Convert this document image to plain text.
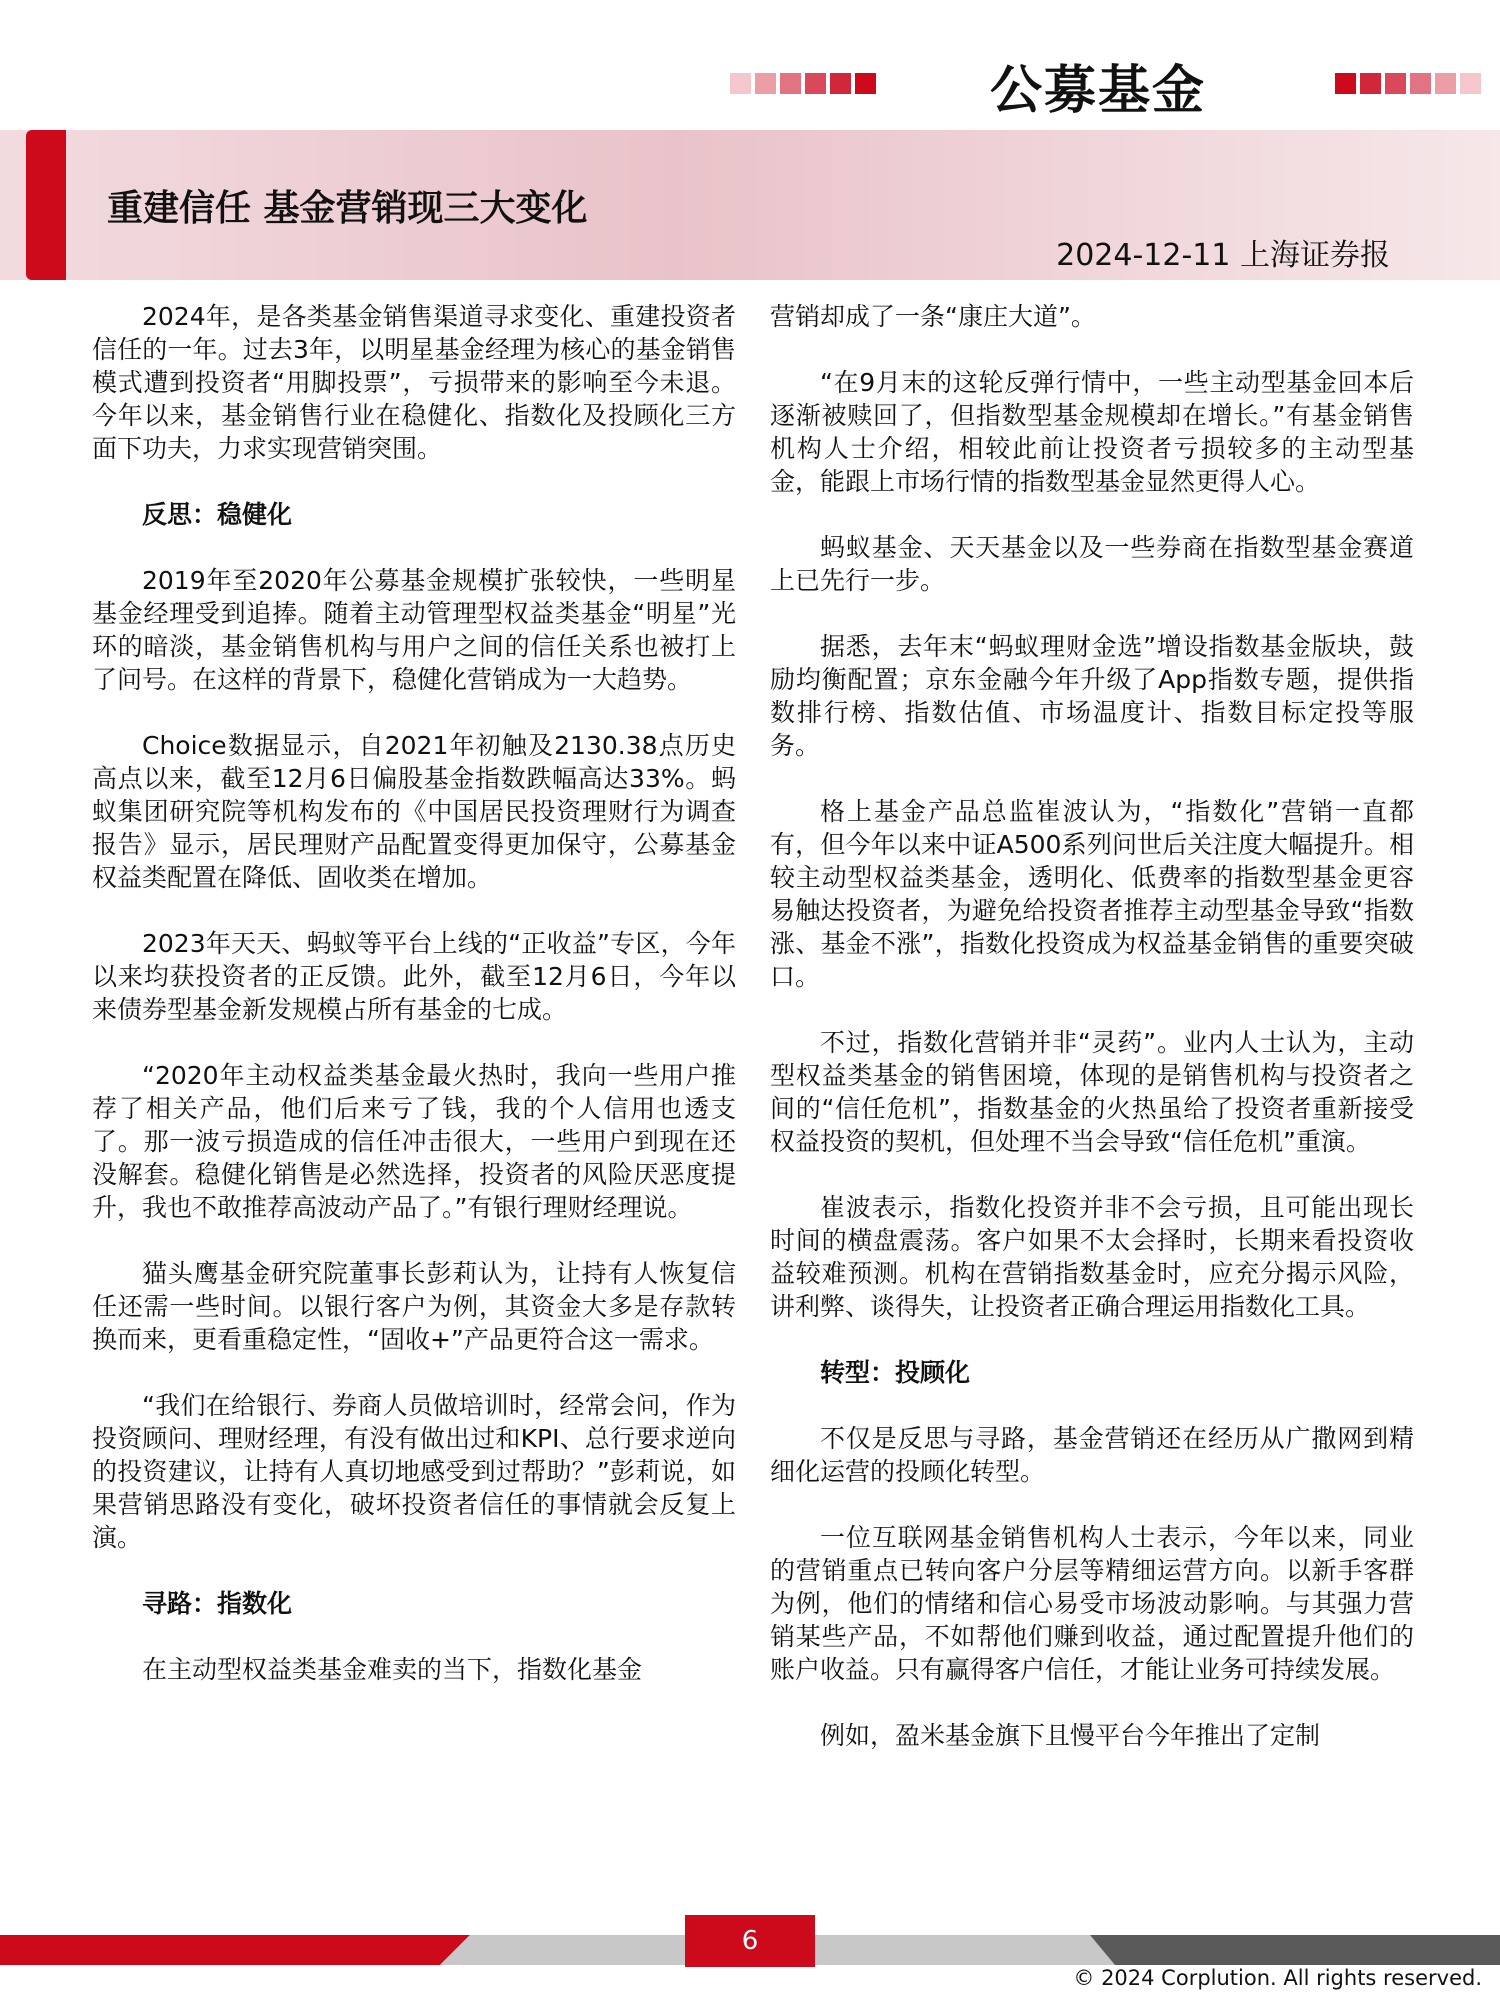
公募基金
重建信任 基金营销现三大变化
2024-12-11 上海证券报

2024年，是各类基金销售渠道寻求变化、重建投资者信任的一年。过去3年，以明星基金经理为核心的基金销售模式遭到投资者“用脚投票”，亏损带来的影响至今未退。今年以来，基金销售行业在稳健化、指数化及投顾化三方面下功夫，力求实现营销突围。

反思：稳健化

2019年至2020年公募基金规模扩张较快，一些明星基金经理受到追捧。随着主动管理型权益类基金“明星”光环的暗淡，基金销售机构与用户之间的信任关系也被打上了问号。在这样的背景下，稳健化营销成为一大趋势。

Choice数据显示，自2021年初触及2130.38点历史高点以来，截至12月6日偏股基金指数跌幅高达33%。蚂蚁集团研究院等机构发布的《中国居民投资理财行为调查报告》显示，居民理财产品配置变得更加保守，公募基金权益类配置在降低、固收类在增加。

2023年天天、蚂蚁等平台上线的“正收益”专区，今年以来均获投资者的正反馈。此外，截至12月6日，今年以来债券型基金新发规模占所有基金的七成。

“2020年主动权益类基金最火热时，我向一些用户推荐了相关产品，他们后来亏了钱，我的个人信用也透支了。那一波亏损造成的信任冲击很大，一些用户到现在还没解套。稳健化销售是必然选择，投资者的风险厌恶度提升，我也不敢推荐高波动产品了。”有银行理财经理说。

猫头鹰基金研究院董事长彭莉认为，让持有人恢复信任还需一些时间。以银行客户为例，其资金大多是存款转换而来，更看重稳定性，“固收+”产品更符合这一需求。

“我们在给银行、券商人员做培训时，经常会问，作为投资顾问、理财经理，有没有做出过和KPI、总行要求逆向的投资建议，让持有人真切地感受到过帮助？”彭莉说，如果营销思路没有变化，破坏投资者信任的事情就会反复上演。

寻路：指数化

在主动型权益类基金难卖的当下，指数化基金

营销却成了一条“康庄大道”。

“在9月末的这轮反弹行情中，一些主动型基金回本后逐渐被赎回了，但指数型基金规模却在增长。”有基金销售机构人士介绍，相较此前让投资者亏损较多的主动型基金，能跟上市场行情的指数型基金显然更得人心。

蚂蚁基金、天天基金以及一些券商在指数型基金赛道上已先行一步。

据悉，去年末“蚂蚁理财金选”增设指数基金版块，鼓励均衡配置；京东金融今年升级了App指数专题，提供指数排行榜、指数估值、市场温度计、指数目标定投等服务。

格上基金产品总监崔波认为，“指数化”营销一直都有，但今年以来中证A500系列问世后关注度大幅提升。相较主动型权益类基金，透明化、低费率的指数型基金更容易触达投资者，为避免给投资者推荐主动型基金导致“指数涨、基金不涨”，指数化投资成为权益基金销售的重要突破口。

不过，指数化营销并非“灵药”。业内人士认为，主动型权益类基金的销售困境，体现的是销售机构与投资者之间的“信任危机”，指数基金的火热虽给了投资者重新接受权益投资的契机，但处理不当会导致“信任危机”重演。

崔波表示，指数化投资并非不会亏损，且可能出现长时间的横盘震荡。客户如果不太会择时，长期来看投资收益较难预测。机构在营销指数基金时，应充分揭示风险，讲利弊、谈得失，让投资者正确合理运用指数化工具。

转型：投顾化

不仅是反思与寻路，基金营销还在经历从广撒网到精细化运营的投顾化转型。

一位互联网基金销售机构人士表示，今年以来，同业的营销重点已转向客户分层等精细运营方向。以新手客群为例，他们的情绪和信心易受市场波动影响。与其强力营销某些产品，不如帮他们赚到收益，通过配置提升他们的账户收益。只有赢得客户信任，才能让业务可持续发展。

例如，盈米基金旗下且慢平台今年推出了定制

6
© 2024 Corplution. All rights reserved.
